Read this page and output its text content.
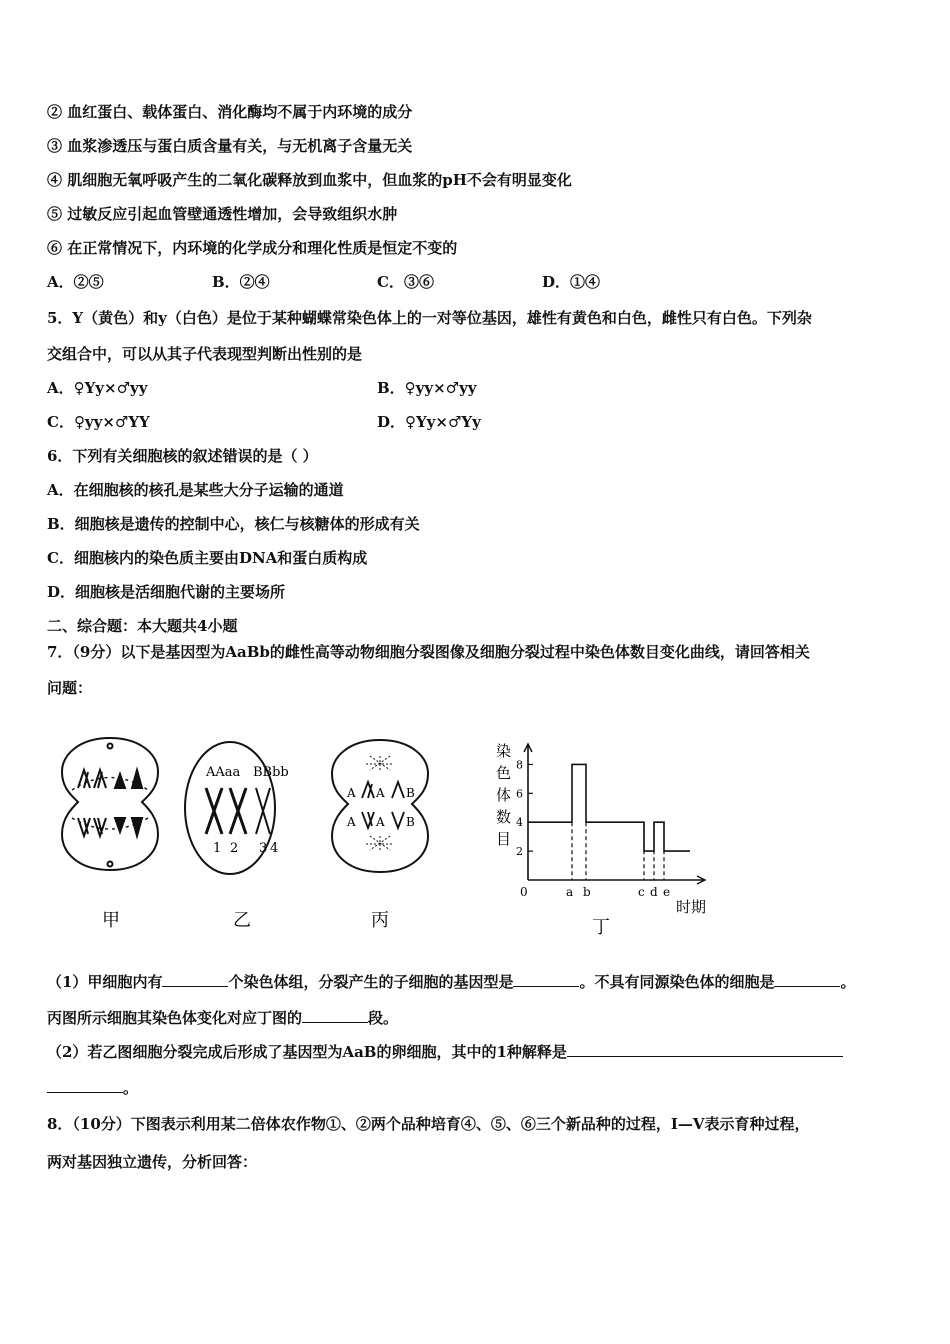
② 血红蛋白、载体蛋白、消化酶均不属于内环境的成分
③ 血浆渗透压与蛋白质含量有关，与无机离子含量无关
④ 肌细胞无氧呼吸产生的二氧化碳释放到血浆中，但血浆的pH不会有明显变化
⑤ 过敏反应引起血管壁通透性增加，会导致组织水肿
⑥ 在正常情况下，内环境的化学成分和理化性质是恒定不变的
A．②⑤	B．②④	C．③⑥	D．①④
5．Y（黄色）和y（白色）是位于某种蝴蝶常染色体上的一对等位基因，雄性有黄色和白色，雌性只有白色。下列杂
交组合中，可以从其子代表现型判断出性别的是
A．♀Yy×♂yy	B．♀yy×♂yy
C．♀yy×♂YY	D．♀Yy×♂Yy
6．下列有关细胞核的叙述错误的是（ ）
A．在细胞核的核孔是某些大分子运输的通道
B．细胞核是遗传的控制中心，核仁与核糖体的形成有关
C．细胞核内的染色质主要由DNA和蛋白质构成
D．细胞核是活细胞代谢的主要场所
二、综合题：本大题共4小题
7．（9分）以下是基因型为AaBb的雌性高等动物细胞分裂图像及细胞分裂过程中染色体数目变化曲线，请回答相关
问题：
甲
AAaa BBbb
1 2 3 4
乙
A A B
A A B
丙
8
6
4
2
染
色
体
数
目
0
时期
a b	c d e
丁
（1）甲细胞内有	个染色体组，分裂产生的子细胞的基因型是	。不具有同源染色体的细胞是	。
丙图所示细胞其染色体变化对应丁图的	段。
（2）若乙图细胞分裂完成后形成了基因型为AaB的卵细胞，其中的1种解释是
。
8．（10分）下图表示利用某二倍体农作物①、②两个品种培育④、⑤、⑥三个新品种的过程，Ⅰ—Ⅴ表示育种过程，
两对基因独立遗传，分析回答：
